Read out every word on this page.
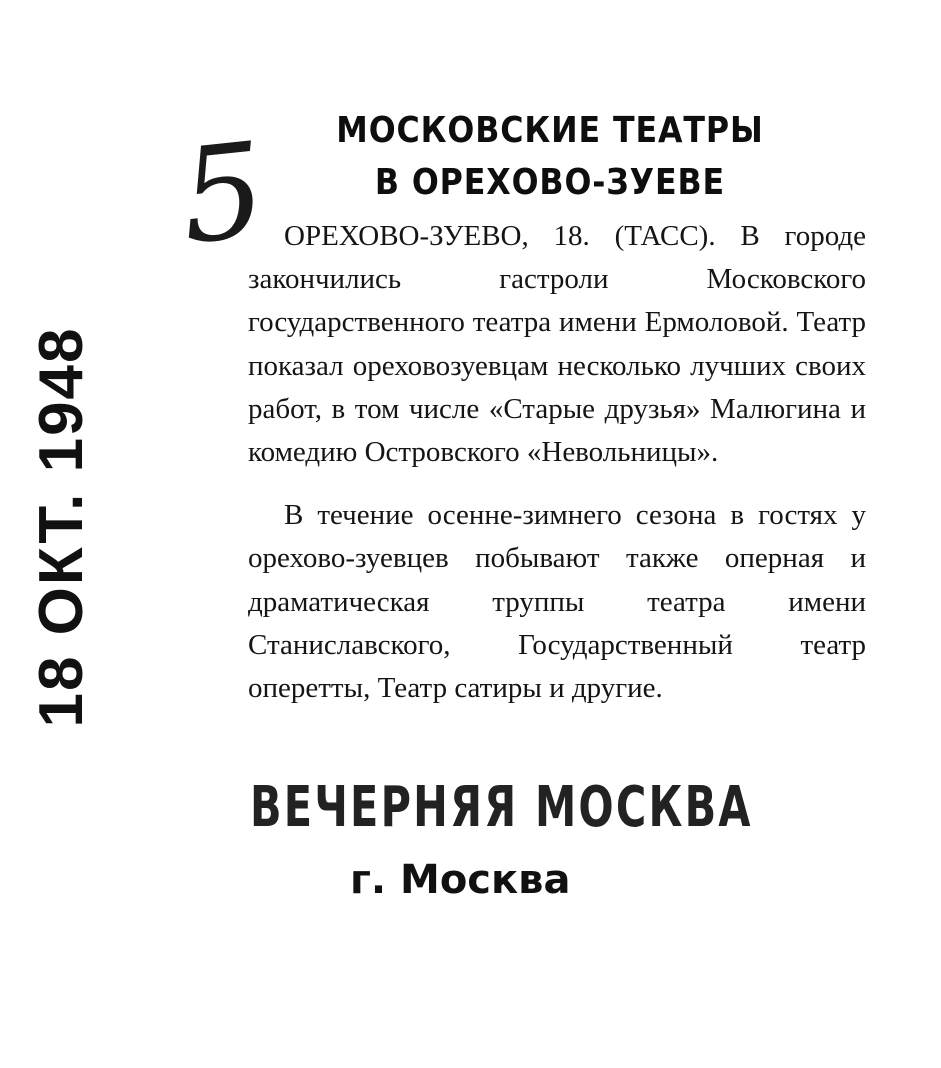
5
18 ОКТ. 1948
МОСКОВСКИЕ ТЕАТРЫ
В ОРЕХОВО-ЗУЕВЕ

ОРЕХОВО-ЗУЕВО, 18. (ТАСС). В городе закончились гастроли Московского государственного театра имени Ермоловой. Театр показал ореховозуевцам несколько лучших своих работ, в том числе «Старые друзья» Малюгина и комедию Островского «Невольницы».

В течение осенне-зимнего сезона в гостях у орехово-зуевцев побывают также оперная и драматическая труппы театра имени Станиславского, Государственный театр оперетты, Театр сатиры и другие.

ВЕЧЕРНЯЯ МОСКВА
г. Москва
